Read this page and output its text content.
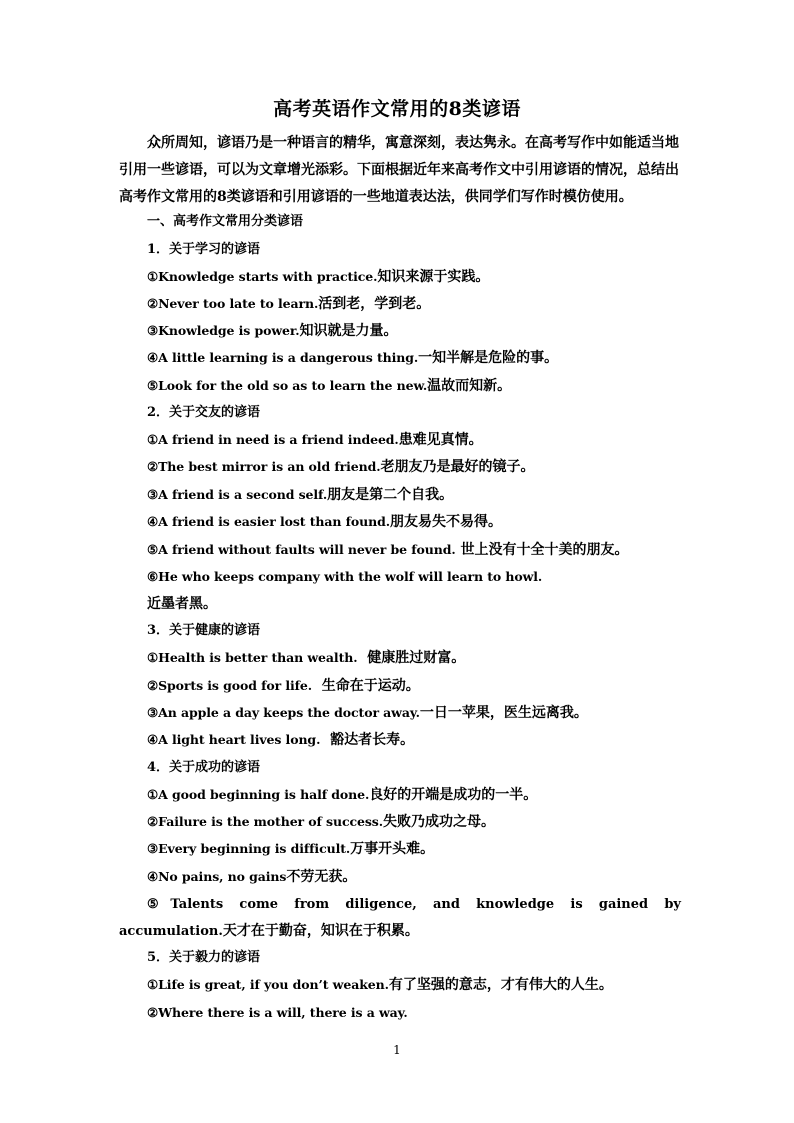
高考英语作文常用的8类谚语

众所周知，谚语乃是一种语言的精华，寓意深刻，表达隽永。在高考写作中如能适当地引用一些谚语，可以为文章增光添彩。下面根据近年来高考作文中引用谚语的情况，总结出高考作文常用的8类谚语和引用谚语的一些地道表达法，供同学们写作时模仿使用。

一、高考作文常用分类谚语
1．关于学习的谚语
①Knowledge starts with practice.知识来源于实践。
②Never too late to learn.活到老，学到老。
③Knowledge is power.知识就是力量。
④A little learning is a dangerous thing.一知半解是危险的事。
⑤Look for the old so as to learn the new.温故而知新。
2．关于交友的谚语
①A friend in need is a friend indeed.患难见真情。
②The best mirror is an old friend.老朋友乃是最好的镜子。
③A friend is a second self.朋友是第二个自我。
④A friend is easier lost than found.朋友易失不易得。
⑤A friend without faults will never be found. 世上没有十全十美的朋友。
⑥He who keeps company with the wolf will learn to howl.
近墨者黑。
3．关于健康的谚语
①Health is better than wealth.  健康胜过财富。
②Sports is good for life.  生命在于运动。
③An apple a day keeps the doctor away.一日一苹果，医生远离我。
④A light heart lives long.  豁达者长寿。
4．关于成功的谚语
①A good beginning is half done.良好的开端是成功的一半。
②Failure is the mother of success.失败乃成功之母。
③Every beginning is difficult.万事开头难。
④No pains, no gains不劳无获。
⑤Talents come from diligence, and knowledge is gained by accumulation.天才在于勤奋，知识在于积累。
5．关于毅力的谚语
①Life is great, if you don’t weaken.有了坚强的意志，才有伟大的人生。
②Where there is a will, there is a way.
1
